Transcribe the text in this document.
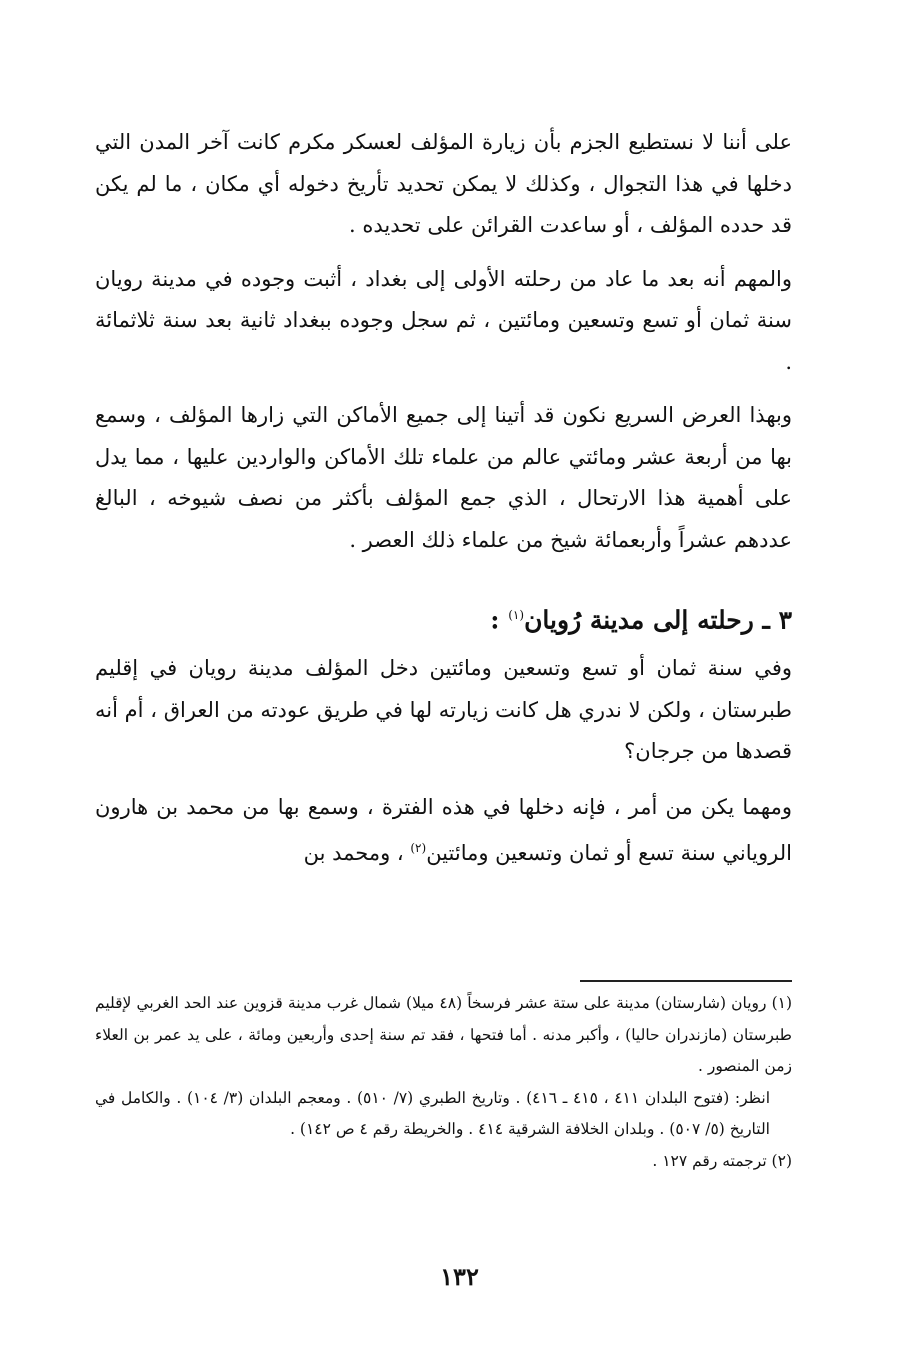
على أننا لا نستطيع الجزم بأن زيارة المؤلف لعسكر مكرم كانت آخر المدن التي دخلها في هذا التجوال ، وكذلك لا يمكن تحديد تأريخ دخوله أي مكان ، ما لم يكن قد حدده المؤلف ، أو ساعدت القرائن على تحديده .

والمهم أنه بعد ما عاد من رحلته الأولى إلى بغداد ، أثبت وجوده في مدينة رويان سنة ثمان أو تسع وتسعين ومائتين ، ثم سجل وجوده ببغداد ثانية بعد سنة ثلاثمائة .

وبهذا العرض السريع نكون قد أتينا إلى جميع الأماكن التي زارها المؤلف ، وسمع بها من أربعة عشر ومائتي عالم من علماء تلك الأماكن والواردين عليها ، مما يدل على أهمية هذا الارتحال ، الذي جمع المؤلف بأكثر من نصف شيوخه ، البالغ عددهم عشراً وأربعمائة شيخ من علماء ذلك العصر .

٣ ـ رحلته إلى مدينة رُويان$^{(١)}$ :

وفي سنة ثمان أو تسع وتسعين ومائتين دخل المؤلف مدينة رويان في إقليم طبرستان ، ولكن لا ندري هل كانت زيارته لها في طريق عودته من العراق ، أم أنه قصدها من جرجان؟

ومهما يكن من أمر ، فإنه دخلها في هذه الفترة ، وسمع بها من محمد بن هارون الروياني سنة تسع أو ثمان وتسعين ومائتين$^{(٢)}$ ، ومحمد بن

(١) رويان (شارستان) مدينة على ستة عشر فرسخاً (٤٨ ميلا) شمال غرب مدينة قزوين عند الحد الغربي لإقليم طبرستان (مازندران حاليا) ، وأكبر مدنه . أما فتحها ، فقد تم سنة إحدى وأربعين ومائة ، على يد عمر بن العلاء زمن المنصور .

انظر: (فتوح البلدان ٤١١ ، ٤١٥ ـ ٤١٦) . وتاريخ الطبري (٧/ ٥١٠) . ومعجم البلدان (٣/ ١٠٤) . والكامل في التاريخ (٥/ ٥٠٧) . وبلدان الخلافة الشرقية ٤١٤ . والخريطة رقم ٤ ص ١٤٢) .

(٢) ترجمته رقم ١٢٧ .

١٣٢
